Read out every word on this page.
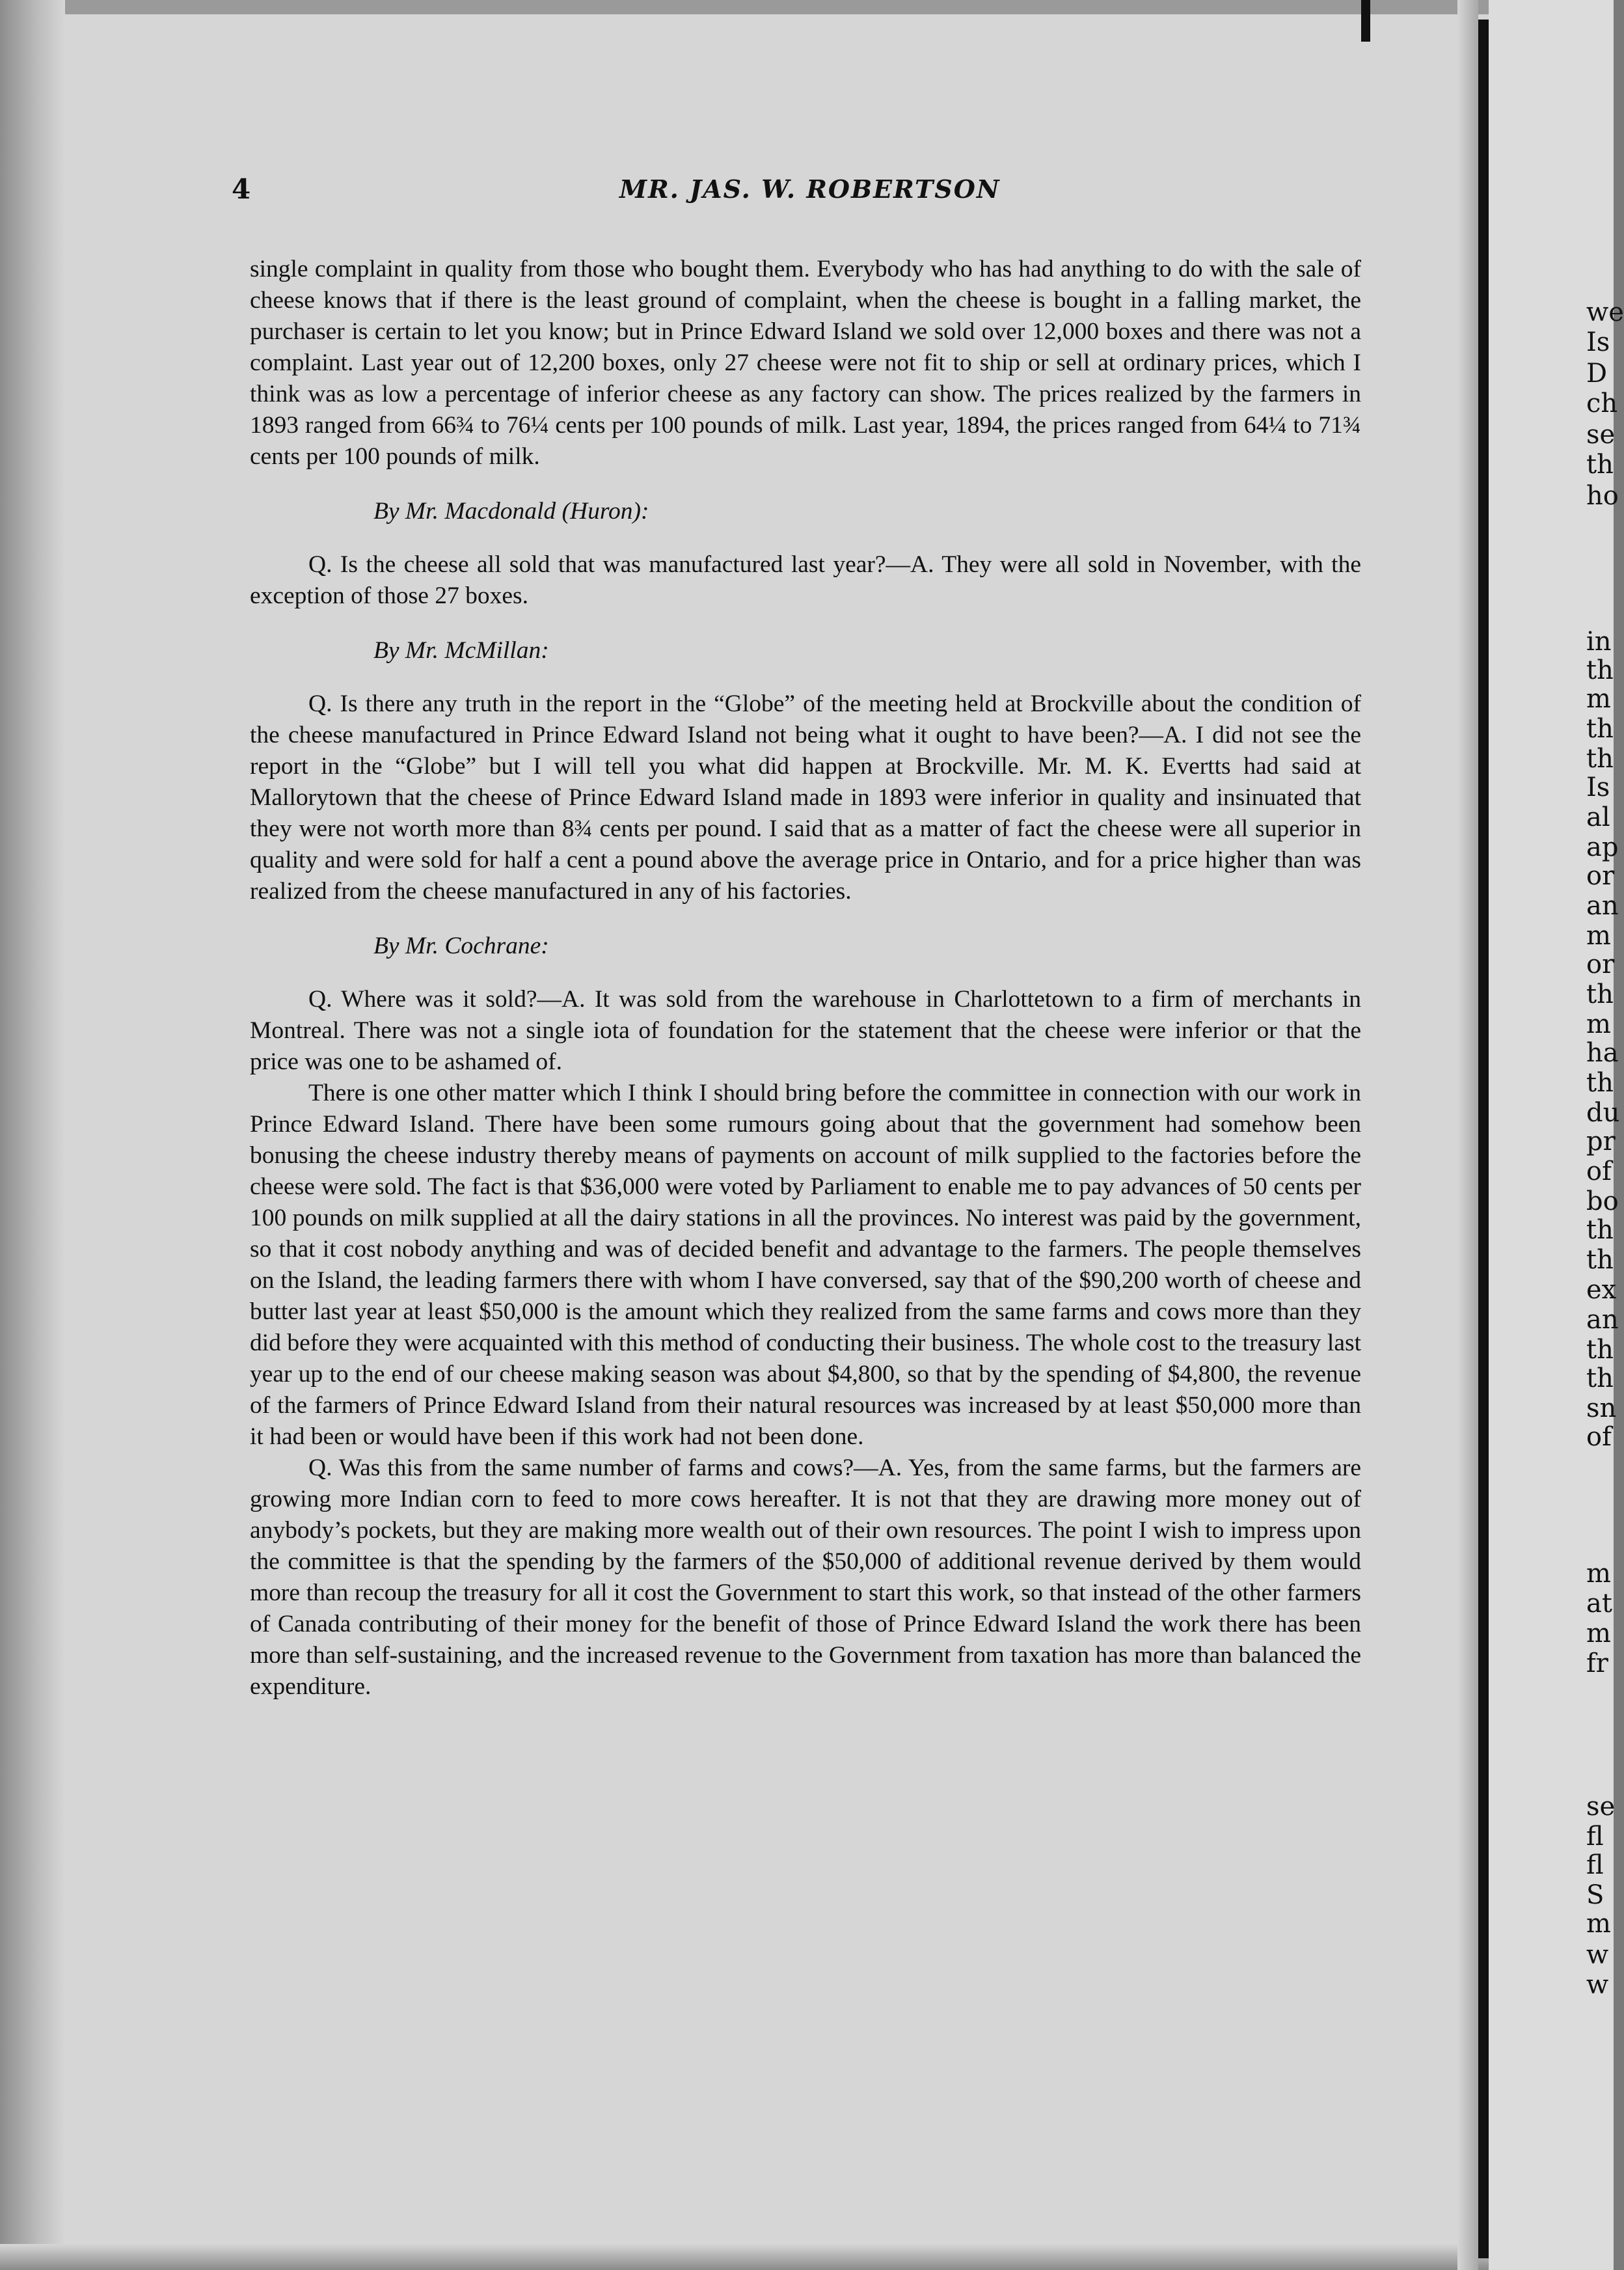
we
Is
D
ch
se
th
ho
in
th
m
th
th
Is
al
ap
or
an
m
or
th
m
ha
th
du
pr
of
bo
th
th
ex
an
th
th
sn
of
m
at
m
fr
se
fl
fl
S
m
w
w
4	MR. JAS. W. ROBERTSON

single complaint in quality from those who bought them. Everybody who has had anything to do with the sale of cheese knows that if there is the least ground of complaint, when the cheese is bought in a falling market, the purchaser is certain to let you know; but in Prince Edward Island we sold over 12,000 boxes and there was not a complaint. Last year out of 12,200 boxes, only 27 cheese were not fit to ship or sell at ordinary prices, which I think was as low a percentage of inferior cheese as any factory can show. The prices realized by the farmers in 1893 ranged from 66¾ to 76¼ cents per 100 pounds of milk. Last year, 1894, the prices ranged from 64¼ to 71¾ cents per 100 pounds of milk.

By Mr. Macdonald (Huron):

Q. Is the cheese all sold that was manufactured last year?—A. They were all sold in November, with the exception of those 27 boxes.

By Mr. McMillan:

Q. Is there any truth in the report in the “Globe” of the meeting held at Brockville about the condition of the cheese manufactured in Prince Edward Island not being what it ought to have been?—A. I did not see the report in the “Globe” but I will tell you what did happen at Brockville. Mr. M. K. Evertts had said at Mallorytown that the cheese of Prince Edward Island made in 1893 were inferior in quality and insinuated that they were not worth more than 8¾ cents per pound. I said that as a matter of fact the cheese were all superior in quality and were sold for half a cent a pound above the average price in Ontario, and for a price higher than was realized from the cheese manufactured in any of his factories.

By Mr. Cochrane:

Q. Where was it sold?—A. It was sold from the warehouse in Charlottetown to a firm of merchants in Montreal. There was not a single iota of foundation for the statement that the cheese were inferior or that the price was one to be ashamed of.

There is one other matter which I think I should bring before the committee in connection with our work in Prince Edward Island. There have been some rumours going about that the government had somehow been bonusing the cheese industry thereby means of payments on account of milk supplied to the factories before the cheese were sold. The fact is that $36,000 were voted by Parliament to enable me to pay advances of 50 cents per 100 pounds on milk supplied at all the dairy stations in all the provinces. No interest was paid by the government, so that it cost nobody anything and was of decided benefit and advantage to the farmers. The people themselves on the Island, the leading farmers there with whom I have conversed, say that of the $90,200 worth of cheese and butter last year at least $50,000 is the amount which they realized from the same farms and cows more than they did before they were acquainted with this method of conducting their business. The whole cost to the treasury last year up to the end of our cheese making season was about $4,800, so that by the spending of $4,800, the revenue of the farmers of Prince Edward Island from their natural resources was increased by at least $50,000 more than it had been or would have been if this work had not been done.

Q. Was this from the same number of farms and cows?—A. Yes, from the same farms, but the farmers are growing more Indian corn to feed to more cows hereafter. It is not that they are drawing more money out of anybody’s pockets, but they are making more wealth out of their own resources. The point I wish to impress upon the committee is that the spending by the farmers of the $50,000 of additional revenue derived by them would more than recoup the treasury for all it cost the Government to start this work, so that instead of the other farmers of Canada contributing of their money for the benefit of those of Prince Edward Island the work there has been more than self-sustaining, and the increased revenue to the Government from taxation has more than balanced the expenditure.
